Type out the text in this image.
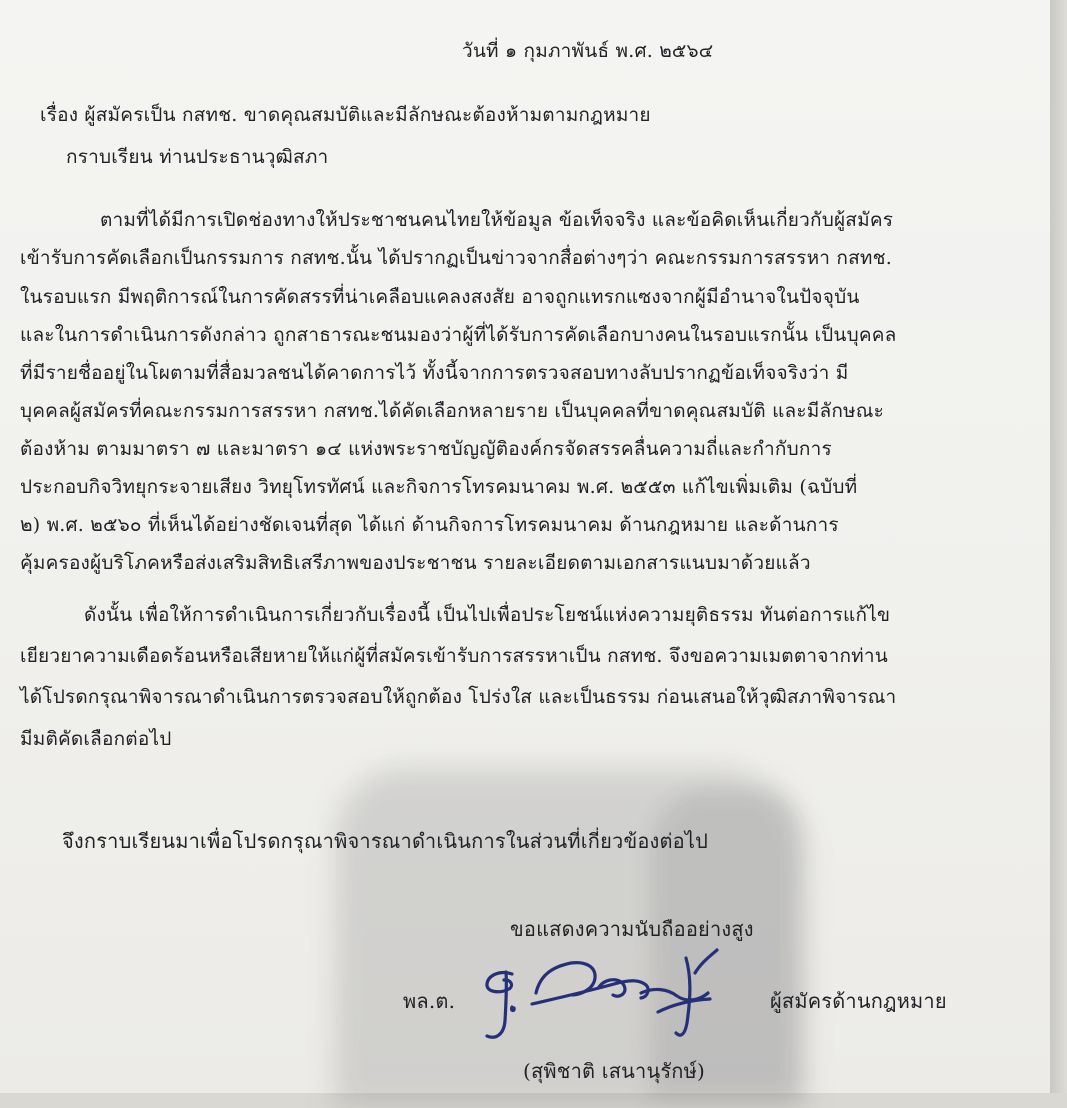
วันที่ ๑ กุมภาพันธ์ พ.ศ. ๒๕๖๔
เรื่อง ผู้สมัครเป็น กสทช. ขาดคุณสมบัติและมีลักษณะต้องห้ามตามกฎหมาย
กราบเรียน ท่านประธานวุฒิสภา
ตามที่ได้มีการเปิดช่องทางให้ประชาชนคนไทยให้ข้อมูล ข้อเท็จจริง และข้อคิดเห็นเกี่ยวกับผู้สมัคร
เข้ารับการคัดเลือกเป็นกรรมการ กสทช.นั้น ได้ปรากฏเป็นข่าวจากสื่อต่างๆว่า คณะกรรมการสรรหา กสทช.
ในรอบแรก มีพฤติการณ์ในการคัดสรรที่น่าเคลือบแคลงสงสัย อาจถูกแทรกแซงจากผู้มีอำนาจในปัจจุบัน
และในการดำเนินการดังกล่าว ถูกสาธารณะชนมองว่าผู้ที่ได้รับการคัดเลือกบางคนในรอบแรกนั้น เป็นบุคคล
ที่มีรายชื่ออยู่ในโผตามที่สื่อมวลชนได้คาดการไว้ ทั้งนี้จากการตรวจสอบทางลับปรากฏข้อเท็จจริงว่า มี
บุคคลผู้สมัครที่คณะกรรมการสรรหา กสทช.ได้คัดเลือกหลายราย เป็นบุคคลที่ขาดคุณสมบัติ และมีลักษณะ
ต้องห้าม ตามมาตรา ๗ และมาตรา ๑๔ แห่งพระราชบัญญัติองค์กรจัดสรรคลื่นความถี่และกำกับการ
ประกอบกิจวิทยุกระจายเสียง วิทยุโทรทัศน์ และกิจการโทรคมนาคม พ.ศ. ๒๕๕๓ แก้ไขเพิ่มเติม (ฉบับที่
๒) พ.ศ. ๒๕๖๐ ที่เห็นได้อย่างชัดเจนที่สุด ได้แก่ ด้านกิจการโทรคมนาคม ด้านกฎหมาย และด้านการ
คุ้มครองผู้บริโภคหรือส่งเสริมสิทธิเสรีภาพของประชาชน รายละเอียดตามเอกสารแนบมาด้วยแล้ว
ดังนั้น เพื่อให้การดำเนินการเกี่ยวกับเรื่องนี้ เป็นไปเพื่อประโยชน์แห่งความยุติธรรม ทันต่อการแก้ไข
เยียวยาความเดือดร้อนหรือเสียหายให้แก่ผู้ที่สมัครเข้ารับการสรรหาเป็น กสทช. จึงขอความเมตตาจากท่าน
ได้โปรดกรุณาพิจารณาดำเนินการตรวจสอบให้ถูกต้อง โปร่งใส และเป็นธรรม ก่อนเสนอให้วุฒิสภาพิจารณา
มีมติคัดเลือกต่อไป
จึงกราบเรียนมาเพื่อโปรดกรุณาพิจารณาดำเนินการในส่วนที่เกี่ยวข้องต่อไป
ขอแสดงความนับถืออย่างสูง
พล.ต.	ผู้สมัครด้านกฎหมาย
(สุพิชาติ เสนานุรักษ์)
